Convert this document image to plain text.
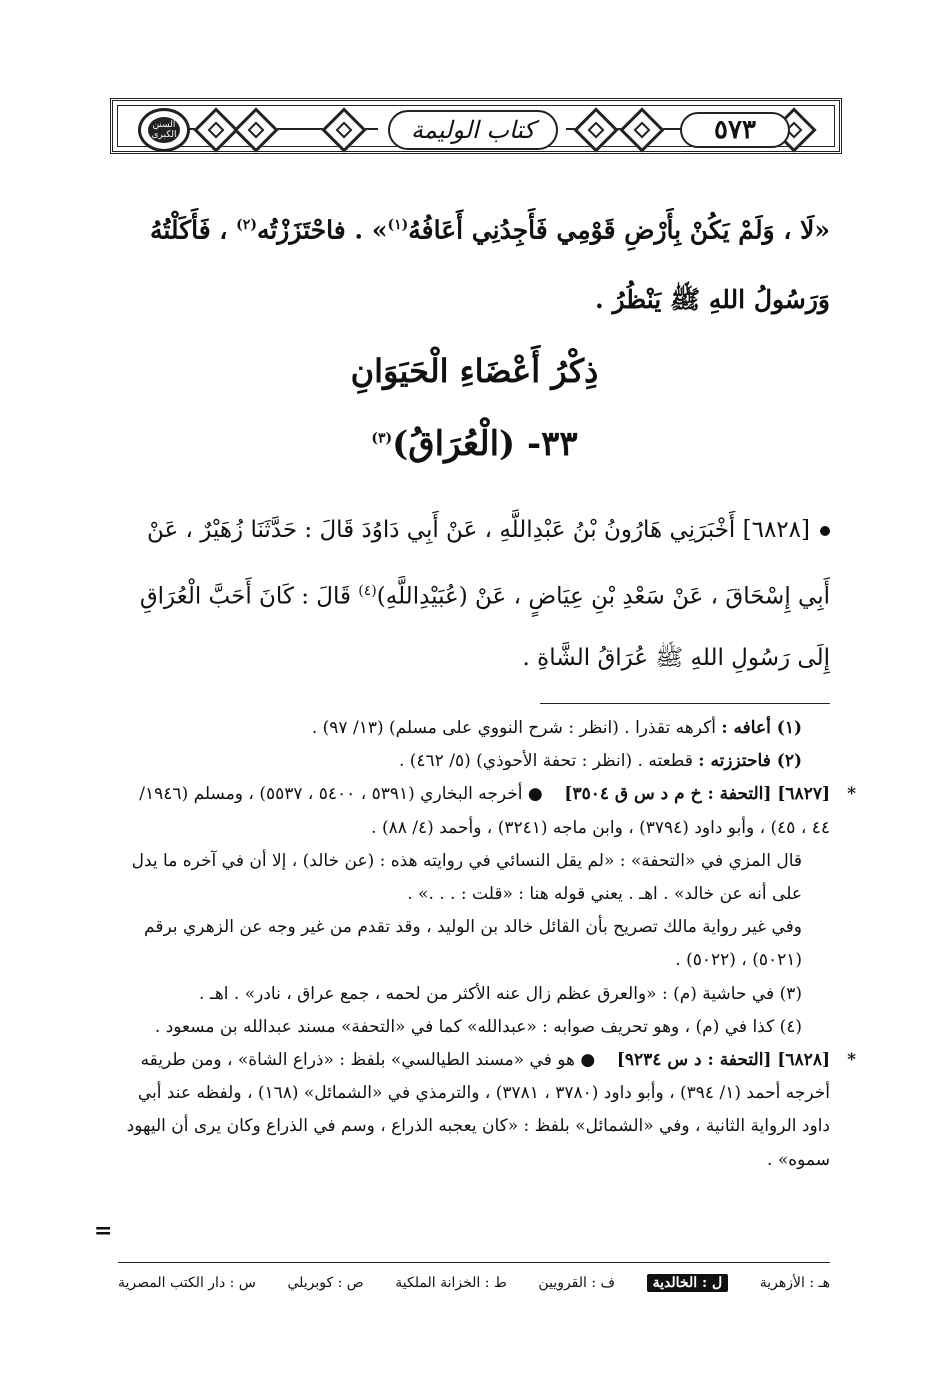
السنن الكبرى	كتاب الوليمة	٥٧٣
«لَا ، وَلَمْ يَكُنْ بِأَرْضِ قَوْمِي فَأَجِدُنِي أَعَافُهُ$^{(١)}$» . فاحْتَزَزْتُه$^{(٢)}$ ، فَأَكَلْتُهُ وَرَسُولُ اللهِ ﷺ يَنْظُرُ .
ذِكْرُ أَعْضَاءِ الْحَيَوَانِ
٣٣- (الْعُرَاقُ)$^{(٣)}$
[٦٨٢٨] أَخْبَرَنِي هَارُونُ بْنُ عَبْدِاللَّهِ ، عَنْ أَبِي دَاوُدَ قَالَ : حَدَّثَنَا زُهَيْرٌ ، عَنْ أَبِي إِسْحَاقَ ، عَنْ سَعْدِ بْنِ عِيَاضٍ ، عَنْ (عُبَيْدِاللَّهِ)$^{(٤)}$ قَالَ : كَانَ أَحَبَّ الْعُرَاقِ إِلَى رَسُولِ اللهِ ﷺ عُرَاقُ الشَّاةِ .

(١) أعافه : أكرهه تقذرا . (انظر : شرح النووي على مسلم) (١٣/ ٩٧) .

(٢) فاحتززته : قطعته . (انظر : تحفة الأحوذي) (٥/ ٤٦٢) .

*[٦٨٢٧] [التحفة : خ م د س ق ٣٥٠٤]    ● أخرجه البخاري (٥٣٩١ ، ٥٤٠٠ ، ٥٥٣٧) ، ومسلم (١٩٤٦/ ٤٤ ، ٤٥) ، وأبو داود (٣٧٩٤) ، وابن ماجه (٣٢٤١) ، وأحمد (٤/ ٨٨) .

قال المزي في «التحفة» : «لم يقل النسائي في روايته هذه : (عن خالد) ، إلا أن في آخره ما يدل على أنه عن خالد» . اهـ . يعني قوله هنا : «قلت : . . .» .

وفي غير رواية مالك تصريح بأن القائل خالد بن الوليد ، وقد تقدم من غير وجه عن الزهري برقم (٥٠٢١) ، (٥٠٢٢) .

(٣) في حاشية (م) : «والعرق عظم زال عنه الأكثر من لحمه ، جمع عراق ، نادر» . اهـ .

(٤) كذا في (م) ، وهو تحريف صوابه : «عبدالله» كما في «التحفة» مسند عبدالله بن مسعود .

*[٦٨٢٨] [التحفة : د س ٩٢٣٤]    ● هو في «مسند الطيالسي» بلفظ : «ذراع الشاة» ، ومن طريقه أخرجه أحمد (١/ ٣٩٤) ، وأبو داود (٣٧٨٠ ، ٣٧٨١) ، والترمذي في «الشمائل» (١٦٨) ، ولفظه عند أبي داود الرواية الثانية ، وفي «الشمائل» بلفظ : «كان يعجبه الذراع ، وسم في الذراع وكان يرى أن اليهود سموه» .

=
س : دار الكتب المصرية ص : كوبريلي ط : الخزانة الملكية ف : القرويين	ل : الخالدية	هـ : الأزهرية
